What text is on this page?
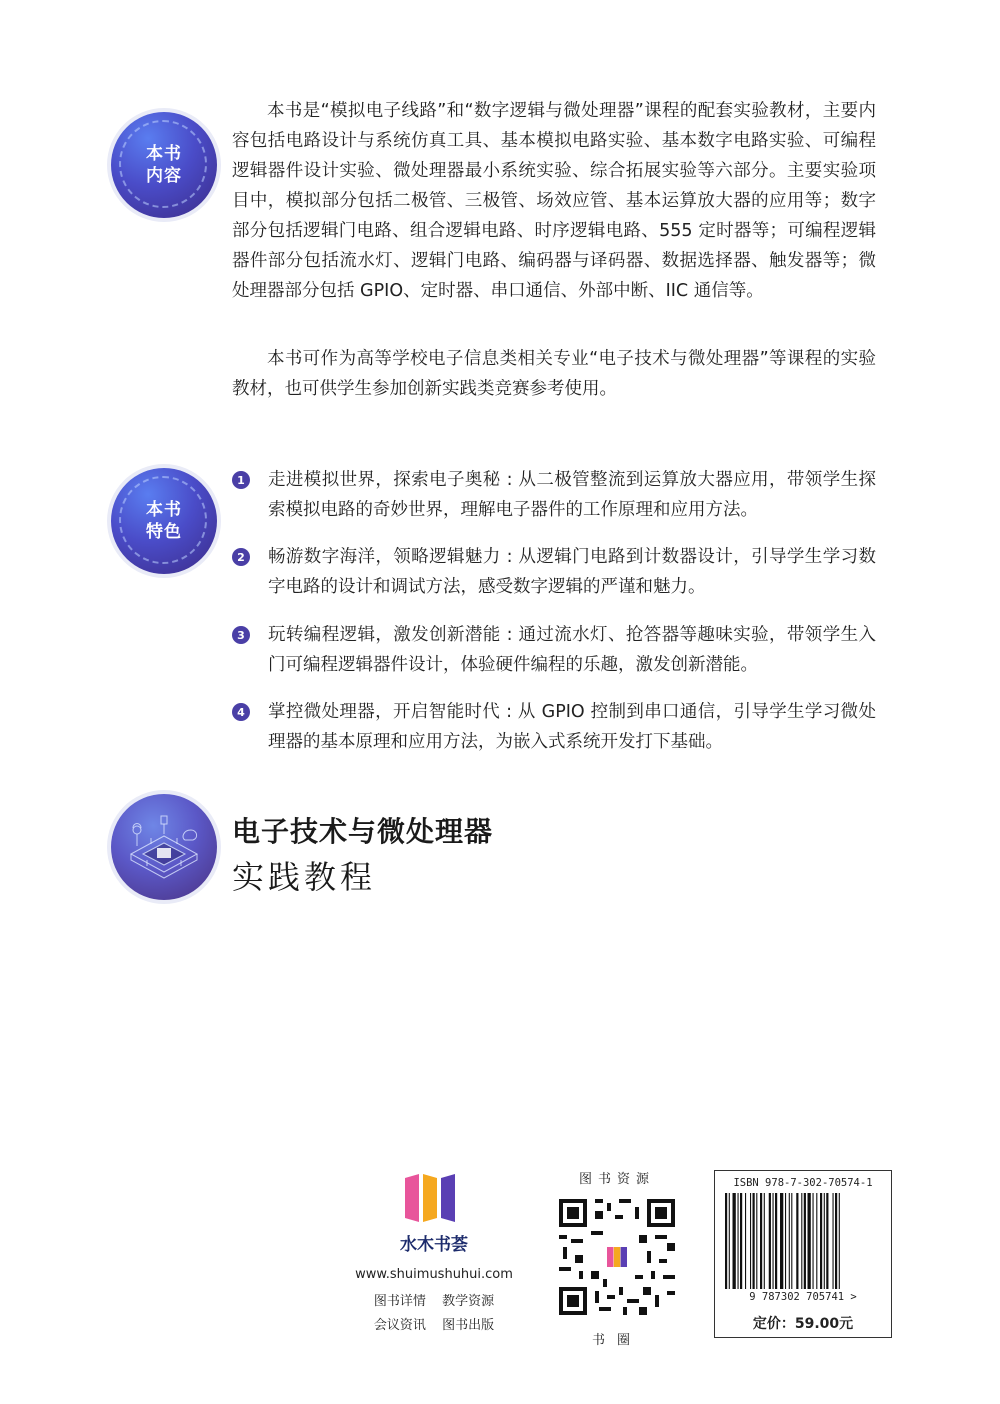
本书
内容

本书是“模拟电子线路”和“数字逻辑与微处理器”课程的配套实验教材，主要内容包括电路设计与系统仿真工具、基本模拟电路实验、基本数字电路实验、可编程逻辑器件设计实验、微处理器最小系统实验、综合拓展实验等六部分。主要实验项目中，模拟部分包括二极管、三极管、场效应管、基本运算放大器的应用等；数字部分包括逻辑门电路、组合逻辑电路、时序逻辑电路、555 定时器等；可编程逻辑器件部分包括流水灯、逻辑门电路、编码器与译码器、数据选择器、触发器等；微处理器部分包括 GPIO、定时器、串口通信、外部中断、IIC 通信等。

本书可作为高等学校电子信息类相关专业“电子技术与微处理器”等课程的实验教材，也可供学生参加创新实践类竞赛参考使用。

本书
特色
1 走进模拟世界，探索电子奥秘 : 从二极管整流到运算放大器应用，带领学生探索模拟电路的奇妙世界，理解电子器件的工作原理和应用方法。
2 畅游数字海洋，领略逻辑魅力 : 从逻辑门电路到计数器设计，引导学生学习数字电路的设计和调试方法，感受数字逻辑的严谨和魅力。
3 玩转编程逻辑，激发创新潜能 : 通过流水灯、抢答器等趣味实验，带领学生入门可编程逻辑器件设计，体验硬件编程的乐趣，激发创新潜能。
4 掌控微处理器，开启智能时代 : 从 GPIO 控制到串口通信，引导学生学习微处理器的基本原理和应用方法，为嵌入式系统开发打下基础。
电子技术与微处理器
实践教程
水木书荟
www.shuimushuhui.com
图书详情 教学资源
会议资讯 图书出版
图书资源
书圈
ISBN 978-7-302-70574-1
9 787302 705741 >
定价：59.00元
